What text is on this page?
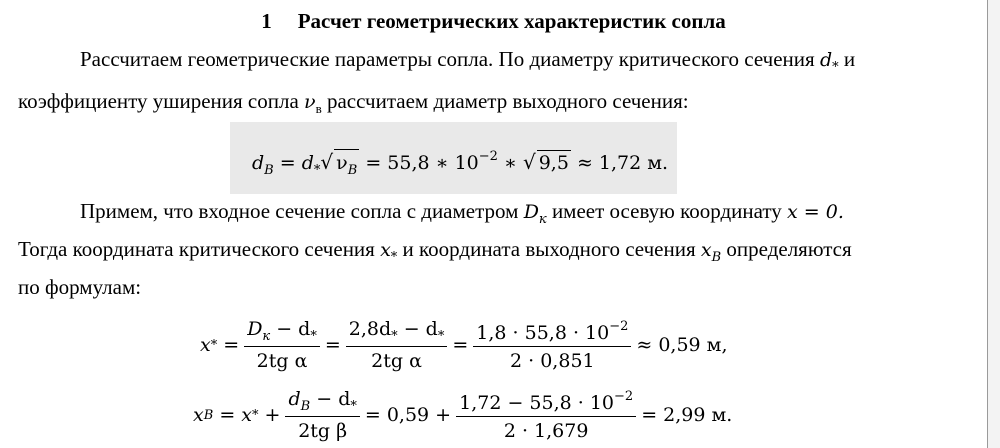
1 Расчет геометрических характеристик сопла
Рассчитаем геометрические параметры сопла. По диаметру критического сечения $d_*$ и
коэффициенту уширения сопла $\nu_в$ рассчитаем диаметр выходного сечения:
$d_B = d_*√$ $\nu_B = 55,8$ ∗ $10^{-2}$ ∗ √ 9,5 ≈ 1,72 м.
Примем, что входное сечение сопла с диаметром $D_к$ имеет осевую координату x = 0.
Тогда координата критического сечения $x_*$ и координата выходного сечения $x_B$ определяются
по формулам:
x * = $\frac{D_к - d_*}{\text{2tg α}} = \frac{2,8d_* - d_*}{\text{2tg α}} = \frac{1,8 \cdot 55,8 \cdot 10^{-2}}{2 \cdot 0,851} \approx 0,59$ м,
x B = x * + $\frac{d_B - d_*}{\text{2tg β}} = 0,59 + \frac{1,72 - 55,8 \cdot 10^{-2}}{2 \cdot 1,679} = 2,99$ м.
